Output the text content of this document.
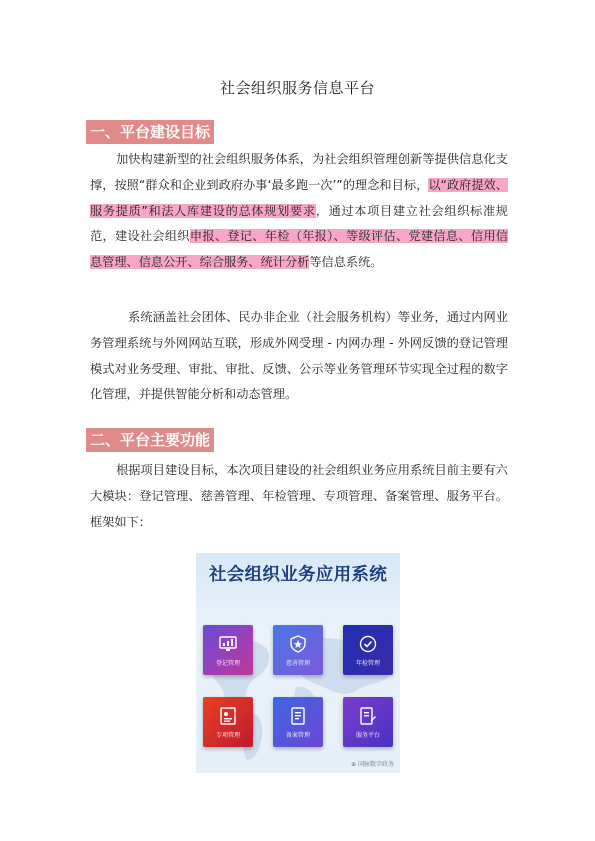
社会组织服务信息平台
一、平台建设目标
加快构建新型的社会组织服务体系，为社会组织管理创新等提供信息化支撑，按照“群众和企业到政府办事‘最多跑一次’”的理念和目标，以“政府提效、服务提质”和法人库建设的总体规划要求，通过本项目建立社会组织标准规范，建设社会组织申报、登记、年检（年报）、等级评估、党建信息、信用信息管理、信息公开、综合服务、统计分析等信息系统。
系统涵盖社会团体、民办非企业（社会服务机构）等业务，通过内网业务管理系统与外网网站互联，形成外网受理 - 内网办理 - 外网反馈的登记管理模式对业务受理、审批、审批、反馈、公示等业务管理环节实现全过程的数字化管理，并提供智能分析和动态管理。
二、平台主要功能
根据项目建设目标，本次项目建设的社会组织业务应用系统目前主要有六大模块：登记管理、慈善管理、年检管理、专项管理、备案管理、服务平台。框架如下：
社会组织业务应用系统
登记管理	慈善管理	年检管理
专项管理	备案管理	服务平台
⊕ 国脉数字政务
